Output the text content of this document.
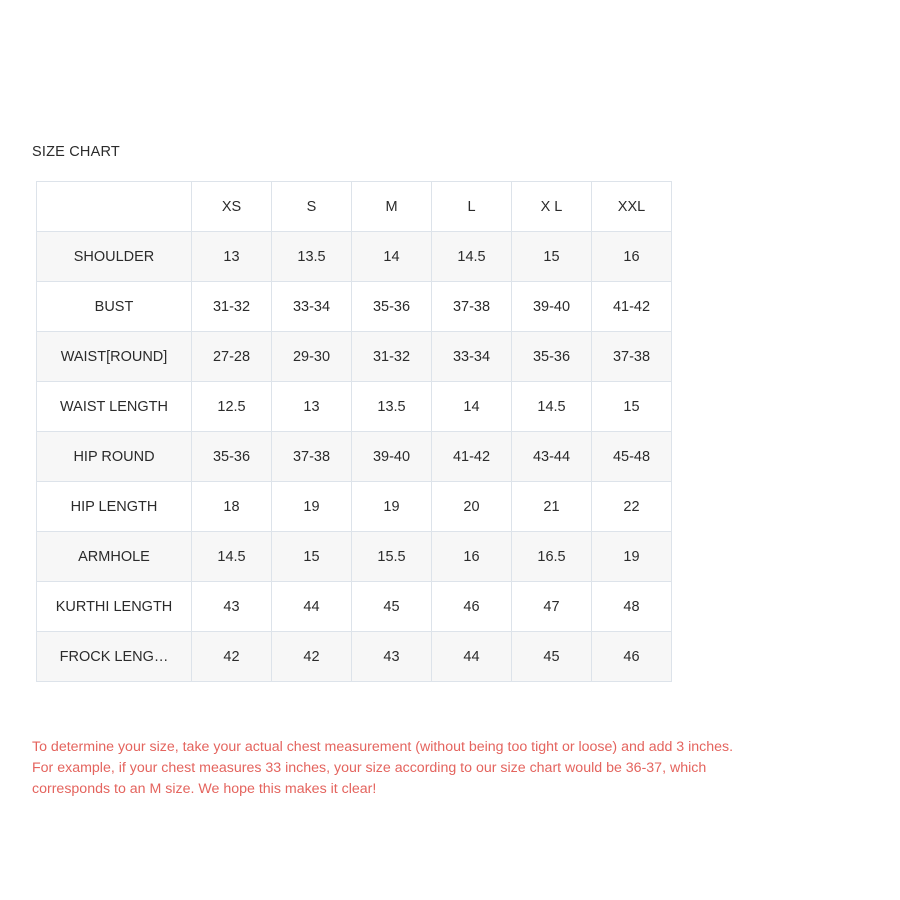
SIZE CHART
	XS	S	M	L	X L	XXL
SHOULDER	13	13.5	14	14.5	15	16
BUST	31-32	33-34	35-36	37-38	39-40	41-42
WAIST[ROUND]	27-28	29-30	31-32	33-34	35-36	37-38
WAIST LENGTH	12.5	13	13.5	14	14.5	15
HIP ROUND	35-36	37-38	39-40	41-42	43-44	45-48
HIP LENGTH	18	19	19	20	21	22
ARMHOLE	14.5	15	15.5	16	16.5	19
KURTHI LENGTH	43	44	45	46	47	48
FROCK LENG…	42	42	43	44	45	46

To determine your size, take your actual chest measurement (without being too tight or loose) and add 3 inches.

For example, if your chest measures 33 inches, your size according to our size chart would be 36-37, which

corresponds to an M size. We hope this makes it clear!
